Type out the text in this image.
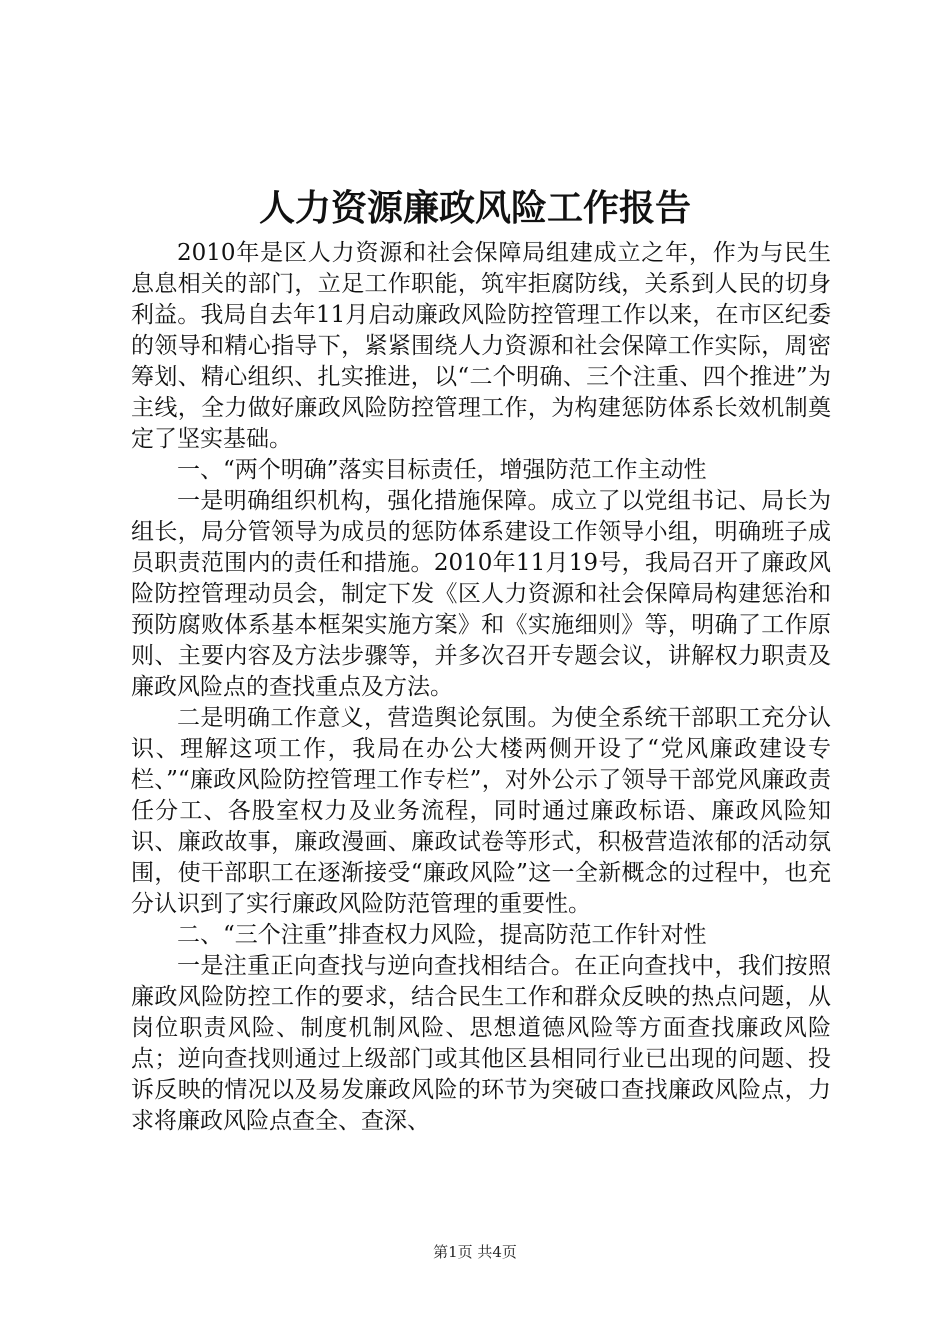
人力资源廉政风险工作报告

2010年是区人力资源和社会保障局组建成立之年，作为与民生息息相关的部门，立足工作职能，筑牢拒腐防线，关系到人民的切身利益。我局自去年11月启动廉政风险防控管理工作以来，在市区纪委的领导和精心指导下，紧紧围绕人力资源和社会保障工作实际，周密筹划、精心组织、扎实推进，以“二个明确、三个注重、四个推进”为主线，全力做好廉政风险防控管理工作，为构建惩防体系长效机制奠定了坚实基础。

一、“两个明确”落实目标责任，增强防范工作主动性

一是明确组织机构，强化措施保障。成立了以党组书记、局长为组长，局分管领导为成员的惩防体系建设工作领导小组，明确班子成员职责范围内的责任和措施。2010年11月19号，我局召开了廉政风险防控管理动员会，制定下发《区人力资源和社会保障局构建惩治和预防腐败体系基本框架实施方案》和《实施细则》等，明确了工作原则、主要内容及方法步骤等，并多次召开专题会议，讲解权力职责及廉政风险点的查找重点及方法。

二是明确工作意义，营造舆论氛围。为使全系统干部职工充分认识、理解这项工作，我局在办公大楼两侧开设了“党风廉政建设专栏、”“廉政风险防控管理工作专栏”，对外公示了领导干部党风廉政责任分工、各股室权力及业务流程，同时通过廉政标语、廉政风险知识、廉政故事，廉政漫画、廉政试卷等形式，积极营造浓郁的活动氛围，使干部职工在逐渐接受“廉政风险”这一全新概念的过程中，也充分认识到了实行廉政风险防范管理的重要性。

二、“三个注重”排查权力风险，提高防范工作针对性

一是注重正向查找与逆向查找相结合。在正向查找中，我们按照廉政风险防控工作的要求，结合民生工作和群众反映的热点问题，从岗位职责风险、制度机制风险、思想道德风险等方面查找廉政风险点；逆向查找则通过上级部门或其他区县相同行业已出现的问题、投诉反映的情况以及易发廉政风险的环节为突破口查找廉政风险点，力求将廉政风险点查全、查深、

第1页 共4页
